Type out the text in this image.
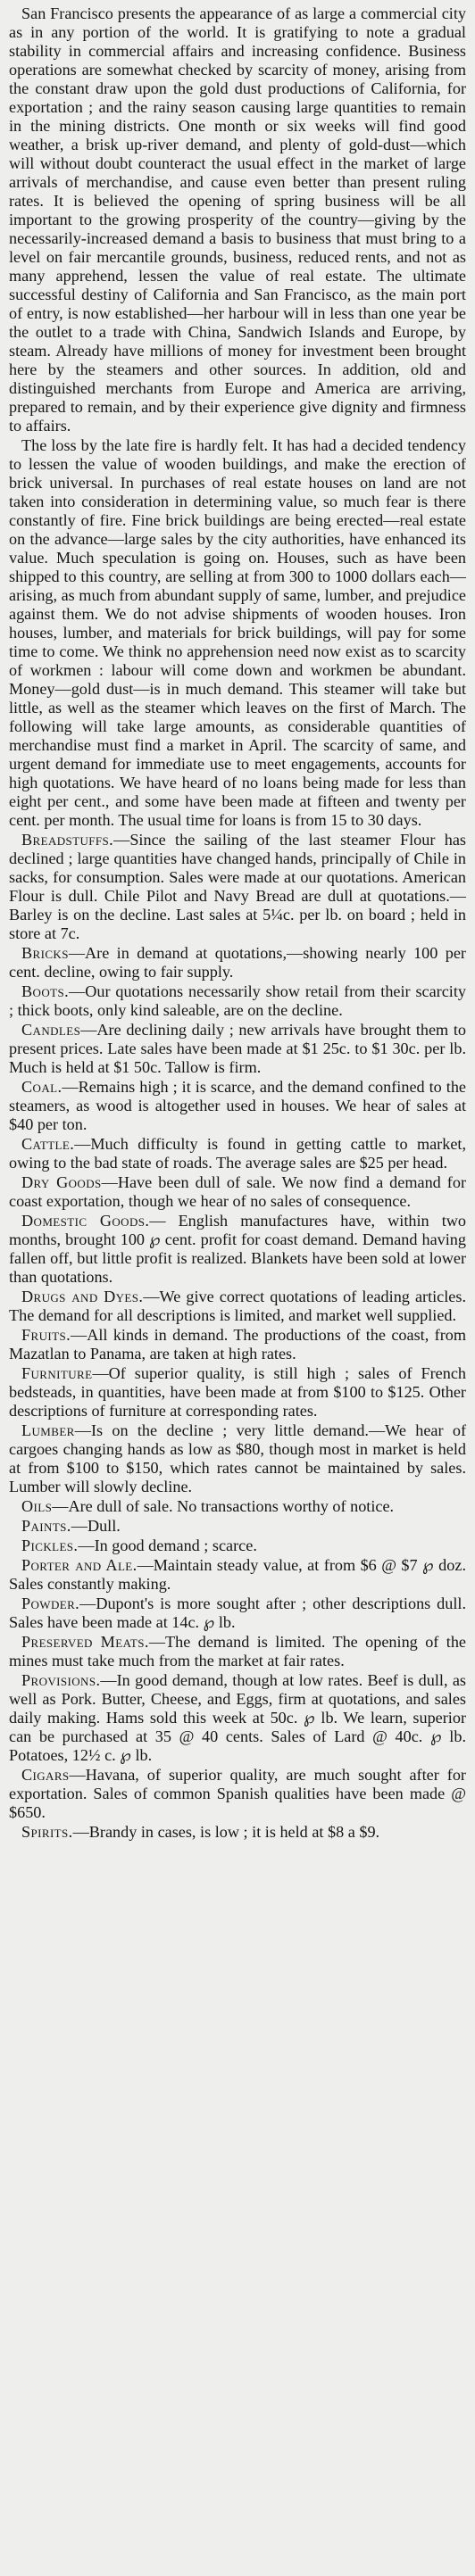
San Francisco presents the appearance of as large a commercial city as in any portion of the world. It is gratifying to note a gradual stability in commercial affairs and increasing confidence. Business operations are somewhat checked by scarcity of money, arising from the constant draw upon the gold dust productions of California, for exportation ; and the rainy season causing large quantities to remain in the mining districts. One month or six weeks will find good weather, a brisk up-river demand, and plenty of gold-dust—which will without doubt counteract the usual effect in the market of large arrivals of merchandise, and cause even better than present ruling rates. It is believed the opening of spring business will be all important to the growing prosperity of the country—giving by the necessarily-increased demand a basis to business that must bring to a level on fair mercantile grounds, business, reduced rents, and not as many apprehend, lessen the value of real estate. The ultimate successful destiny of California and San Francisco, as the main port of entry, is now established—her harbour will in less than one year be the outlet to a trade with China, Sandwich Islands and Europe, by steam. Already have millions of money for investment been brought here by the steamers and other sources. In addition, old and distinguished merchants from Europe and America are arriving, prepared to remain, and by their experience give dignity and firmness to affairs.

The loss by the late fire is hardly felt. It has had a decided tendency to lessen the value of wooden buildings, and make the erection of brick universal. In purchases of real estate houses on land are not taken into consideration in determining value, so much fear is there constantly of fire. Fine brick buildings are being erected—real estate on the advance—large sales by the city authorities, have enhanced its value. Much speculation is going on. Houses, such as have been shipped to this country, are selling at from 300 to 1000 dollars each—arising, as much from abundant supply of same, lumber, and prejudice against them. We do not advise shipments of wooden houses. Iron houses, lumber, and materials for brick buildings, will pay for some time to come. We think no apprehension need now exist as to scarcity of workmen : labour will come down and workmen be abundant. Money—gold dust—is in much demand. This steamer will take but little, as well as the steamer which leaves on the first of March. The following will take large amounts, as considerable quantities of merchandise must find a market in April. The scarcity of same, and urgent demand for immediate use to meet engagements, accounts for high quotations. We have heard of no loans being made for less than eight per cent., and some have been made at fifteen and twenty per cent. per month. The usual time for loans is from 15 to 30 days.

Breadstuffs.—Since the sailing of the last steamer Flour has declined ; large quantities have changed hands, principally of Chile in sacks, for consumption. Sales were made at our quotations. American Flour is dull. Chile Pilot and Navy Bread are dull at quotations.—Barley is on the decline. Last sales at 5¼c. per lb. on board ; held in store at 7c.

Bricks—Are in demand at quotations,—showing nearly 100 per cent. decline, owing to fair supply.

Boots.—Our quotations necessarily show retail from their scarcity ; thick boots, only kind saleable, are on the decline.

Candles—Are declining daily ; new arrivals have brought them to present prices. Late sales have been made at $1 25c. to $1 30c. per lb. Much is held at $1 50c. Tallow is firm.

Coal.—Remains high ; it is scarce, and the demand confined to the steamers, as wood is altogether used in houses. We hear of sales at $40 per ton.

Cattle.—Much difficulty is found in getting cattle to market, owing to the bad state of roads. The average sales are $25 per head.

Dry Goods—Have been dull of sale. We now find a demand for coast exportation, though we hear of no sales of consequence.

Domestic Goods.— English manufactures have, within two months, brought 100 ℘ cent. profit for coast demand. Demand having fallen off, but little profit is realized. Blankets have been sold at lower than quotations.

Drugs and Dyes.—We give correct quotations of leading articles. The demand for all descriptions is limited, and market well supplied.

Fruits.—All kinds in demand. The productions of the coast, from Mazatlan to Panama, are taken at high rates.

Furniture—Of superior quality, is still high ; sales of French bedsteads, in quantities, have been made at from $100 to $125. Other descriptions of furniture at corresponding rates.

Lumber—Is on the decline ; very little demand.—We hear of cargoes changing hands as low as $80, though most in market is held at from $100 to $150, which rates cannot be maintained by sales. Lumber will slowly decline.

Oils—Are dull of sale. No transactions worthy of notice.

Paints.—Dull.

Pickles.—In good demand ; scarce.

Porter and Ale.—Maintain steady value, at from $6 @ $7 ℘ doz. Sales constantly making.

Powder.—Dupont's is more sought after ; other descriptions dull. Sales have been made at 14c. ℘ lb.

Preserved Meats.—The demand is limited. The opening of the mines must take much from the market at fair rates.

Provisions.—In good demand, though at low rates. Beef is dull, as well as Pork. Butter, Cheese, and Eggs, firm at quotations, and sales daily making. Hams sold this week at 50c. ℘ lb. We learn, superior can be purchased at 35 @ 40 cents. Sales of Lard @ 40c. ℘ lb. Potatoes, 12½ c. ℘ lb.

Cigars—Havana, of superior quality, are much sought after for exportation. Sales of common Spanish qualities have been made @ $650.

Spirits.—Brandy in cases, is low ; it is held at $8 a $9.
